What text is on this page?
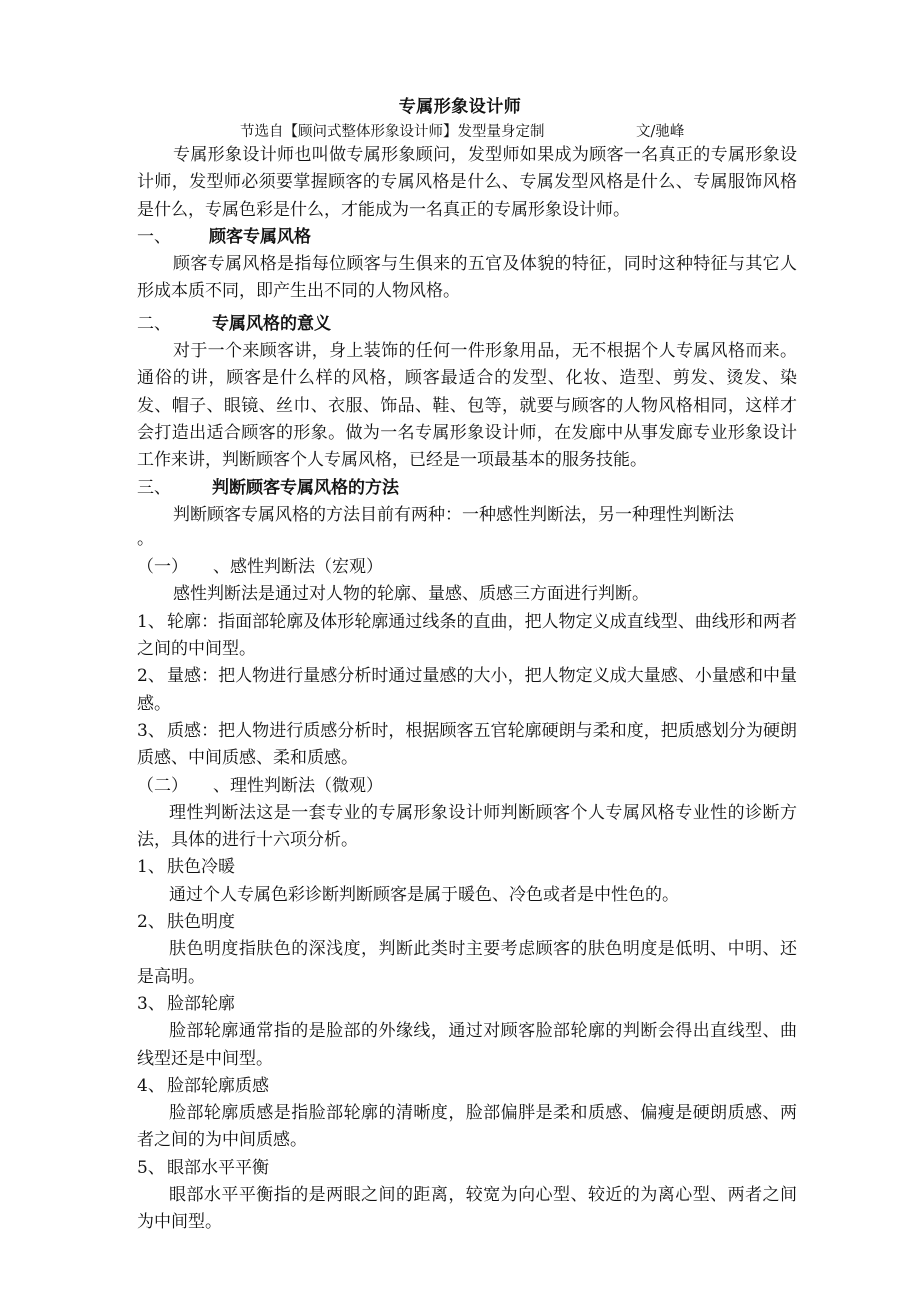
专属形象设计师
节选自【顾问式整体形象设计师】发型量身定制	文/驰峰

专属形象设计师也叫做专属形象顾问，发型师如果成为顾客一名真正的专属形象设计师，发型师必须要掌握顾客的专属风格是什么、专属发型风格是什么、专属服饰风格是什么，专属色彩是什么，才能成为一名真正的专属形象设计师。

一、 顾客专属风格

顾客专属风格是指每位顾客与生俱来的五官及体貌的特征，同时这种特征与其它人形成本质不同，即产生出不同的人物风格。

二、 专属风格的意义

对于一个来顾客讲，身上装饰的任何一件形象用品，无不根据个人专属风格而来。通俗的讲，顾客是什么样的风格，顾客最适合的发型、化妆、造型、剪发、烫发、染发、帽子、眼镜、丝巾、衣服、饰品、鞋、包等，就要与顾客的人物风格相同，这样才会打造出适合顾客的形象。做为一名专属形象设计师，在发廊中从事发廊专业形象设计工作来讲，判断顾客个人专属风格，已经是一项最基本的服务技能。

三、 判断顾客专属风格的方法

判断顾客专属风格的方法目前有两种：一种感性判断法，另一种理性判断法

。

（一） 、感性判断法（宏观）

感性判断法是通过对人物的轮廓、量感、质感三方面进行判断。

1、 轮廓：指面部轮廓及体形轮廓通过线条的直曲，把人物定义成直线型、曲线形和两者之间的中间型。

2、 量感：把人物进行量感分析时通过量感的大小，把人物定义成大量感、小量感和中量感。

3、 质感：把人物进行质感分析时，根据顾客五官轮廓硬朗与柔和度，把质感划分为硬朗质感、中间质感、柔和质感。

（二） 、理性判断法（微观）

理性判断法这是一套专业的专属形象设计师判断顾客个人专属风格专业性的诊断方法，具体的进行十六项分析。

1、 肤色冷暖

通过个人专属色彩诊断判断顾客是属于暖色、冷色或者是中性色的。

2、 肤色明度

肤色明度指肤色的深浅度，判断此类时主要考虑顾客的肤色明度是低明、中明、还是高明。

3、 脸部轮廓

脸部轮廓通常指的是脸部的外缘线，通过对顾客脸部轮廓的判断会得出直线型、曲线型还是中间型。

4、 脸部轮廓质感

脸部轮廓质感是指脸部轮廓的清晰度，脸部偏胖是柔和质感、偏瘦是硬朗质感、两者之间的为中间质感。

5、 眼部水平平衡

眼部水平平衡指的是两眼之间的距离，较宽为向心型、较近的为离心型、两者之间为中间型。
